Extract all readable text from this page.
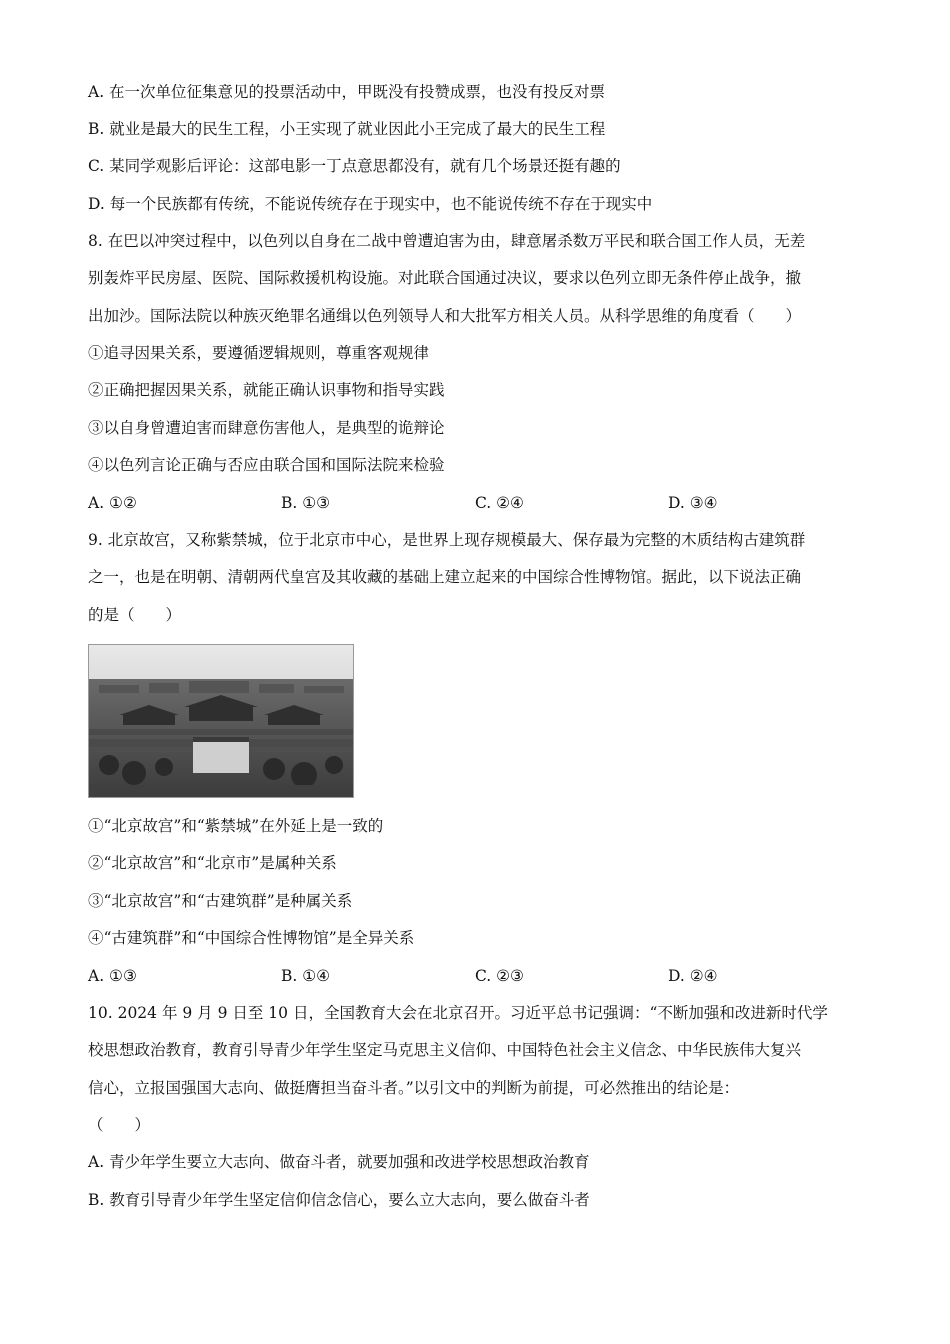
A. 在一次单位征集意见的投票活动中，甲既没有投赞成票，也没有投反对票
B. 就业是最大的民生工程，小王实现了就业因此小王完成了最大的民生工程
C. 某同学观影后评论：这部电影一丁点意思都没有，就有几个场景还挺有趣的
D. 每一个民族都有传统，不能说传统存在于现实中，也不能说传统不存在于现实中
8. 在巴以冲突过程中，以色列以自身在二战中曾遭迫害为由，肆意屠杀数万平民和联合国工作人员，无差
别轰炸平民房屋、医院、国际救援机构设施。对此联合国通过决议，要求以色列立即无条件停止战争，撤
出加沙。国际法院以种族灭绝罪名通缉以色列领导人和大批军方相关人员。从科学思维的角度看（　　）
①追寻因果关系，要遵循逻辑规则，尊重客观规律
②正确把握因果关系，就能正确认识事物和指导实践
③以自身曾遭迫害而肆意伤害他人，是典型的诡辩论
④以色列言论正确与否应由联合国和国际法院来检验
A. ①②	B. ①③	C. ②④	D. ③④
9. 北京故宫，又称紫禁城，位于北京市中心，是世界上现存规模最大、保存最为完整的木质结构古建筑群
之一，也是在明朝、清朝两代皇宫及其收藏的基础上建立起来的中国综合性博物馆。据此，以下说法正确
的是（　　）
①“北京故宫”和“紫禁城”在外延上是一致的
②“北京故宫”和“北京市”是属种关系
③“北京故宫”和“古建筑群”是种属关系
④“古建筑群”和“中国综合性博物馆”是全异关系
A. ①③	B. ①④	C. ②③	D. ②④
10. 2024 年 9 月 9 日至 10 日，全国教育大会在北京召开。习近平总书记强调：“不断加强和改进新时代学
校思想政治教育，教育引导青少年学生坚定马克思主义信仰、中国特色社会主义信念、中华民族伟大复兴
信心，立报国强国大志向、做挺膺担当奋斗者。”以引文中的判断为前提，可必然推出的结论是：
（　　）
A. 青少年学生要立大志向、做奋斗者，就要加强和改进学校思想政治教育
B. 教育引导青少年学生坚定信仰信念信心，要么立大志向，要么做奋斗者
